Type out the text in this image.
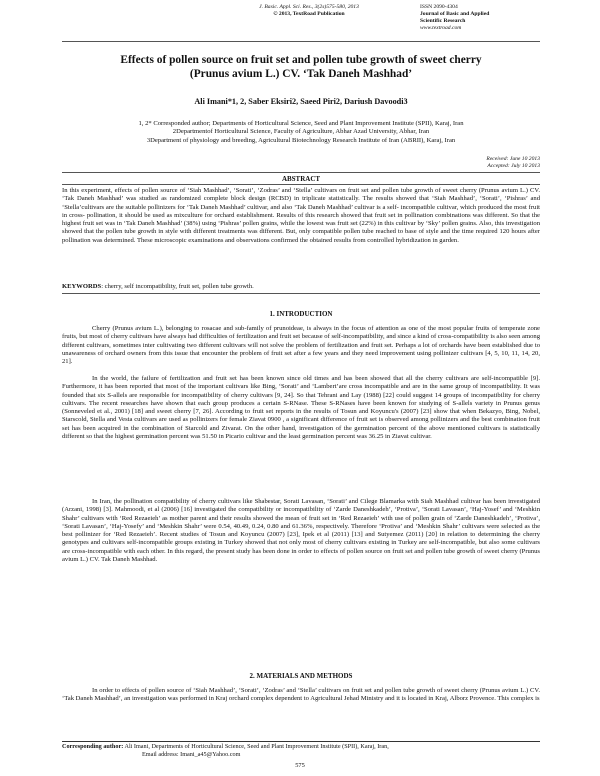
J. Basic. Appl. Sci. Res., 3(2s)575-580, 2013
© 2013, TextRoad Publication
ISSN 2090-4304
Journal of Basic and Applied
Scientific Research
www.textroad.com
Effects of pollen source on fruit set and pollen tube growth of sweet cherry
(Prunus avium L.) CV. ‘Tak Daneh Mashhad’
Ali Imani*1, 2, Saber Eksiri2, Saeed Piri2, Dariush Davoodi3
1, 2* Corresponded author; Departments of Horticultural Science, Seed and Plant Improvement Institute (SPII), Karaj, Iran
2Departmentof Horticultural Science, Faculty of Agriculture, Abhar Azad University, Abhar, Iran
3Department of physiology and breeding, Agricultural Biotechnology Research Institute of Iran (ABRII), Karaj, Iran
Received: June 10 2013
Accepted: July 10 2013
ABSTRACT

In this experiment, effects of pollen source of ‘Siah Mashhad’, ‘Sorati’, ‘Zodras’ and ‘Stella’ cultivars on fruit set and pollen tube growth of sweet cherry (Prunus avium L.) CV. ‘Tak Daneh Mashhad’ was studied as randomized complete block design (RCBD) in triplicate statistically. The results showed that ‘Siah Mashhad’, ‘Sorati’, ‘Pishras’ and ‘Stella’cultivars are the suitable pollinizers for ‘Tak Daneh Mashhad’ cultivar, and also ‘Tak Daneh Mashhad’ cultivar is a self- incompatible cultivar, which produced the most fruit in cross- pollination, it should be used as mixculture for orchard establishment. Results of this research showed that fruit set in pollination combinations was different. So that the highest fruit set was in ‘Tak Daneh Mashhad’ (38%) using ‘Pishras’ pollen grains, while the lowest was fruit set (22%) in this cultivar by ‘Sky’ pollen grains. Also, this investigation showed that the pollen tube growth in style with different treatments was different. But, only compatible pollen tube reached to base of style and the time required 120 hours after pollination was determined. These microscopic examinations and observations confirmed the obtained results from controlled hybridization in garden.

KEYWORDS: cherry, self incompatibility, fruit set, pollen tube growth.
1. INTRODUCTION

Cherry (Prunus avium L.), belonging to rosacae and sub-family of prunoideae, is always in the focus of attention as one of the most popular fruits of temperate zone fruits, but most of cherry cultivars have always had difficulties of fertilization and fruit set because of self-incompatibility, and since a kind of cross-compatibility is also seen among different cultivars, sometimes inter cultivating two different cultivars will not solve the problem of fertilization and fruit set. Perhaps a lot of orchards have been established due to unawareness of orchard owners from this issue that encounter the problem of fruit set after a few years and they need improvement using pollinizer cultivars [4, 5, 10, 11, 14, 20, 21].

In the world, the failure of fertilization and fruit set has been known since old times and has been showed that all the cherry cultivars are self-incompatible [9]. Furthermore, it has been reported that most of the important cultivars like Bing, ‘Sorati’ and ‘Lambert’are cross incompatible and are in the same group of incompatibility. It was founded that six S-allels are responsible for incompatibility of cherry cultivars [9, 24]. So that Tehrani and Lay (1988) [22] could suggest 14 groups of incompatibility for cherry cultivars. The recent researches have shown that each group produces a certain S-RNase. These S-RNases have been known for studying of S-allels variety in Prunus genus (Sonneveled et al., 2001) [18] and sweet cherry [7, 26]. According to fruit set reports in the results of Tosun and Koyuncu's (2007) [23] show that when Bekazyo, Bing, Nobel, Starscold, Stella and Vesta cultivars are used as pollinizers for female Ziavat 0900 , a significant difference of fruit set is observed among pollinizers and the best combination fruit set has been acquired in the combination of Starcold and Zivarat. On the other hand, investigation of the germination percent of the above mentioned cultivars is statistically different so that the highest germination percent was 51.50 in Picario cultivar and the least germination percent was 36.25 in Ziavat cultivar.

In Iran, the pollination compatibility of cherry cultivars like Shabestar, Sorati Lavasan, ‘Sorati’ and Cilege Blamarka with Siah Mashhad cultivar has been investigated (Arzani, 1998) [3]. Mahmoodi, et al (2006) [16] investigated the compatibility or incompatibility of ‘Zarde Daneshkadeh’, ‘Protiva’, ‘Sorati Lavasan’, ‘Haj-Yosef’ and ‘Meshkin Shahr’ cultivars with ‘Red Rezaeieh’ as mother parent and their results showed the mean of fruit set in ‘Red Rezaeieh’ with use of pollen grain of ‘Zarde Daneshkadeh’, ‘Protiva’, ‘Sorati Lavasan’, ‘Haj-Yosefy’ and ‘Meshkin Shahr’ were 0.54, 40.49, 0.24, 0.80 and 61.36%, respectively. Therefore ‘Protiva’ and ‘Meshkin Shahr’ cultivars were selected as the best pollinizer for ‘Red Rezaeieh’. Recent studies of Tosun and Koyuncu (2007) [23], Ipek et al (2011) [13] and Sutyemez (2011) [20] in relation to determining the cherry genotypes and cultivars self-incompatible groups existing in Turkey showed that not only most of cherry cultivars existing in Turkey are self-incompatible, but also some cultivars are cross-incompatible with each other. In this regard, the present study has been done in order to effects of pollen source on fruit set and pollen tube growth of sweet cherry (Prunus avium L.) CV. Tak Daneh Mashhad.

2. MATERIALS AND METHODS

In order to effects of pollen source of ‘Siah Mashhad’, ‘Sorati’, ‘Zodras’ and ‘Stella’ cultivars on fruit set and pollen tube growth of sweet cherry (Prunus avium L.) CV. ‘Tak Daneh Mashhad’, an investigation was performed in Kraj orchard complex dependent to Agricultural Jehad Ministry and it is located in Kraj, Alborz Provence. This complex is

Corresponding author: Ali Imani, Departments of Horticultural Science, Seed and Plant Improvement Institute (SPII), Karaj, Iran,
Email address: Imani_a45@Yahoo.com
575
